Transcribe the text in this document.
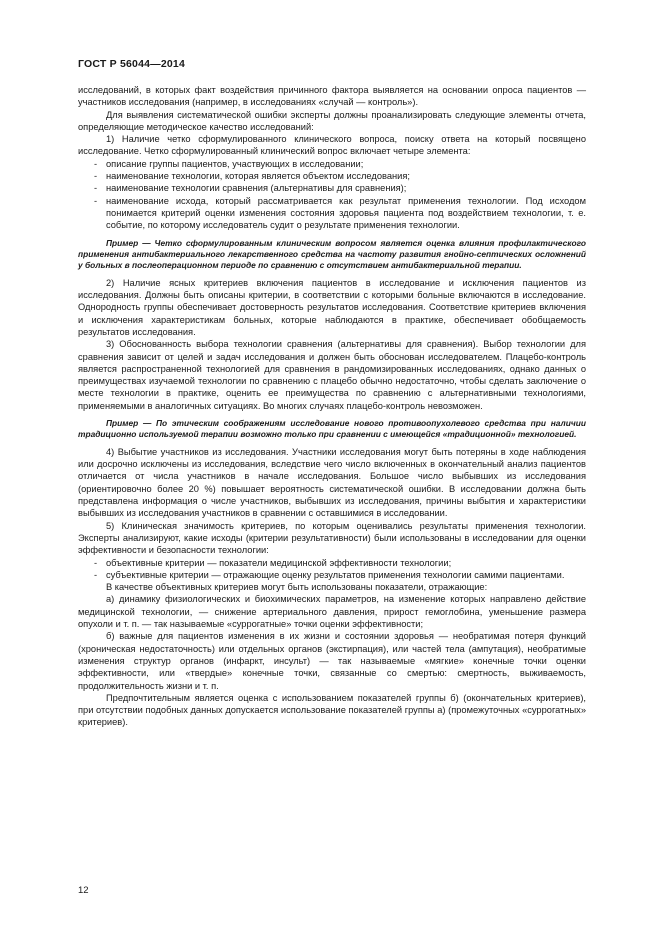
ГОСТ Р 56044—2014

исследований, в которых факт воздействия причинного фактора выявляется на основании опроса пациентов — участников исследования (например, в исследованиях «случай — контроль»).

Для выявления систематической ошибки эксперты должны проанализировать следующие элементы отчета, определяющие методическое качество исследований:

1) Наличие четко сформулированного клинического вопроса, поиску ответа на который посвящено исследование. Четко сформулированный клинический вопрос включает четыре элемента:

- описание группы пациентов, участвующих в исследовании;

- наименование технологии, которая является объектом исследования;

- наименование технологии сравнения (альтернативы для сравнения);

- наименование исхода, который рассматривается как результат применения технологии. Под исходом понимается критерий оценки изменения состояния здоровья пациента под воздействием технологии, т. е. событие, по которому исследователь судит о результате применения технологии.

Пример — Четко сформулированным клиническим вопросом является оценка влияния профилактического применения антибактериального лекарственного средства на частоту развития гнойно-септических осложнений у больных в послеоперационном периоде по сравнению с отсутствием антибактериальной терапии.

2) Наличие ясных критериев включения пациентов в исследование и исключения пациентов из исследования. Должны быть описаны критерии, в соответствии с которыми больные включаются в исследование. Однородность группы обеспечивает достоверность результатов исследования. Соответствие критериев включения и исключения характеристикам больных, которые наблюдаются в практике, обеспечивает обобщаемость результатов исследования.

3) Обоснованность выбора технологии сравнения (альтернативы для сравнения). Выбор технологии для сравнения зависит от целей и задач исследования и должен быть обоснован исследователем. Плацебо-контроль является распространенной технологией для сравнения в рандомизированных исследованиях, однако данных о преимуществах изучаемой технологии по сравнению с плацебо обычно недостаточно, чтобы сделать заключение о месте технологии в практике, оценить ее преимущества по сравнению с альтернативными технологиями, применяемыми в аналогичных ситуациях. Во многих случаях плацебо-контроль невозможен.

Пример — По этическим соображениям исследование нового противоопухолевого средства при наличии традиционно используемой терапии возможно только при сравнении с имеющейся «традиционной» технологией.

4) Выбытие участников из исследования. Участники исследования могут быть потеряны в ходе наблюдения или досрочно исключены из исследования, вследствие чего число включенных в окончательный анализ пациентов отличается от числа участников в начале исследования. Большое число выбывших из исследования (ориентировочно более 20 %) повышает вероятность систематической ошибки. В исследовании должна быть представлена информация о числе участников, выбывших из исследования, причины выбытия и характеристики выбывших из исследования участников в сравнении с оставшимися в исследовании.

5) Клиническая значимость критериев, по которым оценивались результаты применения технологии. Эксперты анализируют, какие исходы (критерии результативности) были использованы в исследовании для оценки эффективности и безопасности технологии:

- объективные критерии — показатели медицинской эффективности технологии;

- субъективные критерии — отражающие оценку результатов применения технологии самими пациентами.

В качестве объективных критериев могут быть использованы показатели, отражающие:

а) динамику физиологических и биохимических параметров, на изменение которых направлено действие медицинской технологии, — снижение артериального давления, прирост гемоглобина, уменьшение размера опухоли и т. п. — так называемые «суррогатные» точки оценки эффективности;

б) важные для пациентов изменения в их жизни и состоянии здоровья — необратимая потеря функций (хроническая недостаточность) или отдельных органов (экстирпация), или частей тела (ампутация), необратимые изменения структур органов (инфаркт, инсульт) — так называемые «мягкие» конечные точки оценки эффективности, или «твердые» конечные точки, связанные со смертью: смертность, выживаемость, продолжительность жизни и т. п.

Предпочтительным является оценка с использованием показателей группы б) (окончательных критериев), при отсутствии подобных данных допускается использование показателей группы а) (промежуточных «суррогатных» критериев).

12
